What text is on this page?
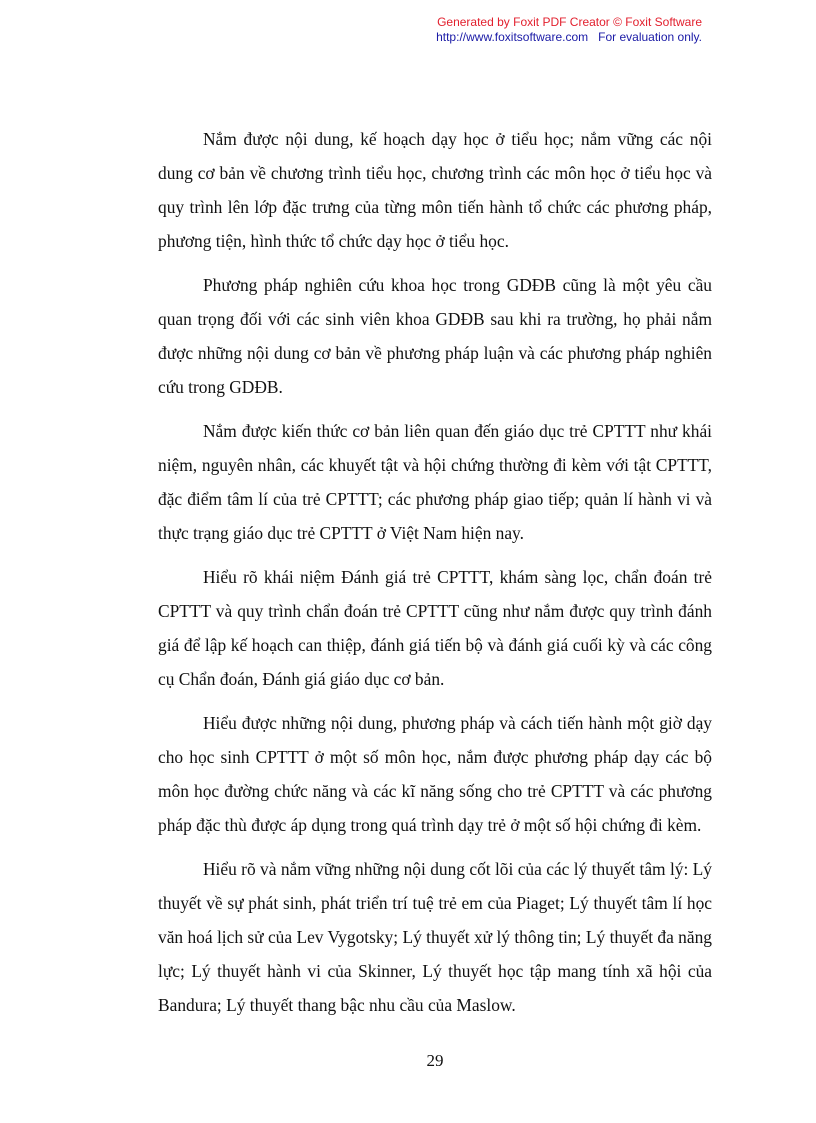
Generated by Foxit PDF Creator © Foxit Software
http://www.foxitsoftware.com For evaluation only.

Nắm được nội dung, kế hoạch dạy học ở tiểu học; nắm vững các nội dung cơ bản về chương trình tiểu học, chương trình các môn học ở tiểu học và quy trình lên lớp đặc trưng của từng môn tiến hành tổ chức các phương pháp, phương tiện, hình thức tổ chức dạy học ở tiểu học.

Phương pháp nghiên cứu khoa học trong GDĐB cũng là một yêu cầu quan trọng đối với các sinh viên khoa GDĐB sau khi ra trường, họ phải nắm được những nội dung cơ bản về phương pháp luận và các phương pháp nghiên cứu trong GDĐB.

Nắm được kiến thức cơ bản liên quan đến giáo dục trẻ CPTTT như khái niệm, nguyên nhân, các khuyết tật và hội chứng thường đi kèm với tật CPTTT, đặc điểm tâm lí của trẻ CPTTT; các phương pháp giao tiếp; quản lí hành vi và thực trạng giáo dục trẻ CPTTT ở Việt Nam hiện nay.

Hiểu rõ khái niệm Đánh giá trẻ CPTTT, khám sàng lọc, chẩn đoán trẻ CPTTT và quy trình chẩn đoán trẻ CPTTT cũng như nắm được quy trình đánh giá để lập kế hoạch can thiệp, đánh giá tiến bộ và đánh giá cuối kỳ và các công cụ Chẩn đoán, Đánh giá giáo dục cơ bản.

Hiểu được những nội dung, phương pháp và cách tiến hành một giờ dạy cho học sinh CPTTT ở một số môn học, nắm được phương pháp dạy các bộ môn học đường chức năng và các kĩ năng sống cho trẻ CPTTT và các phương pháp đặc thù được áp dụng trong quá trình dạy trẻ ở một số hội chứng đi kèm.

Hiểu rõ và nắm vững những nội dung cốt lõi của các lý thuyết tâm lý: Lý thuyết về sự phát sinh, phát triển trí tuệ trẻ em của Piaget; Lý thuyết tâm lí học văn hoá lịch sử của Lev Vygotsky; Lý thuyết xử lý thông tin; Lý thuyết đa năng lực; Lý thuyết hành vi của Skinner, Lý thuyết học tập mang tính xã hội của Bandura; Lý thuyết thang bậc nhu cầu của Maslow.

29
